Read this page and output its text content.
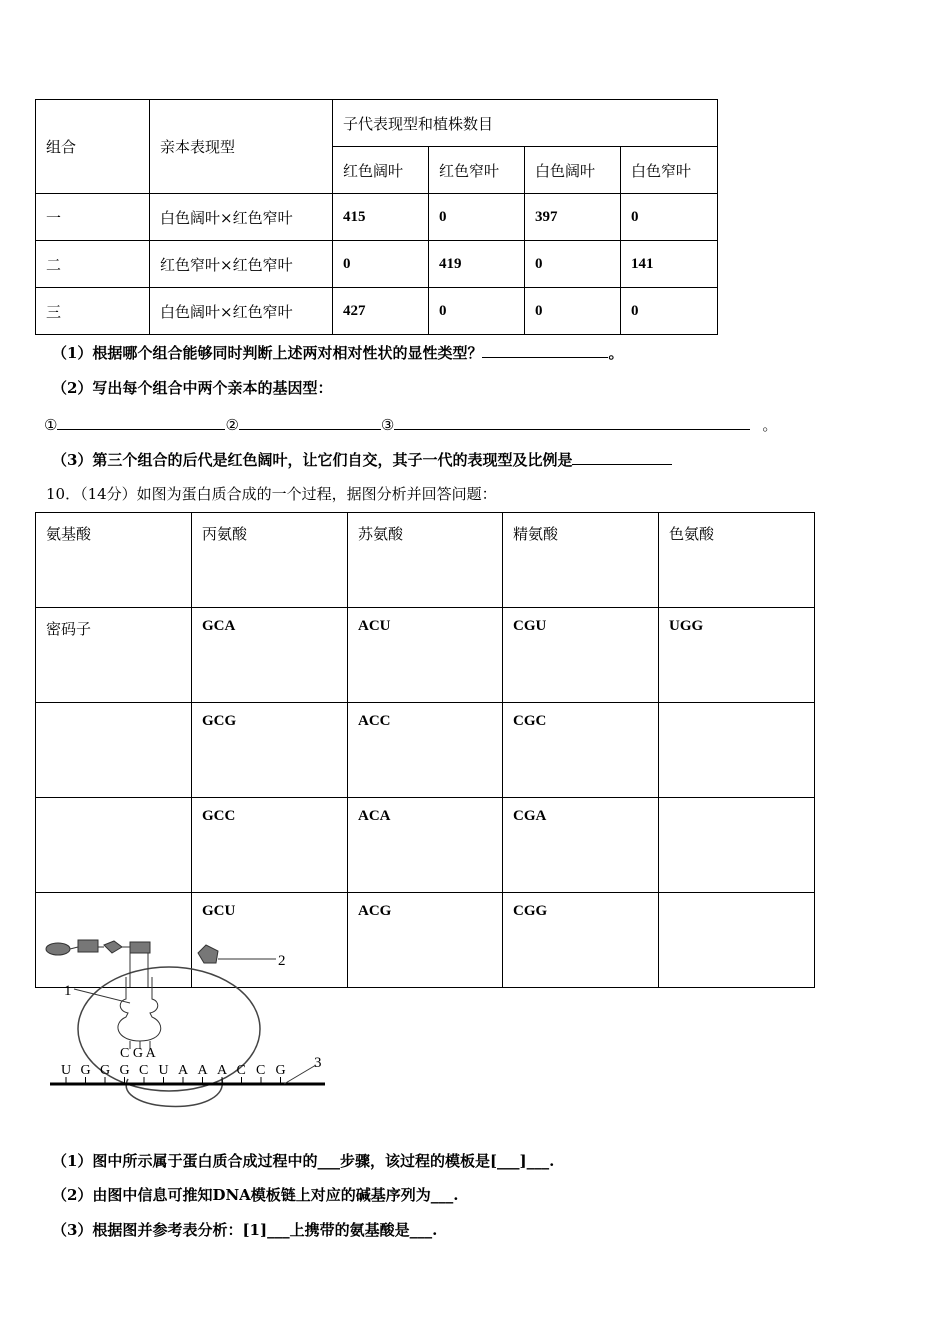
组合	亲本表现型	子代表现型和植株数目			
		红色阔叶	红色窄叶	白色阔叶	白色窄叶
一	白色阔叶×红色窄叶	415	0	397	0
二	红色窄叶×红色窄叶	0	419	0	141
三	白色阔叶×红色窄叶	427	0	0	0
（1）根据哪个组合能够同时判断上述两对相对性状的显性类型？	。
（2）写出每个组合中两个亲本的基因型：
①	②	③	。
（3）第三个组合的后代是红色阔叶，让它们自交，其子一代的表现型及比例是
10．（14分）如图为蛋白质合成的一个过程，据图分析并回答问题：
氨基酸	丙氨酸	苏氨酸	精氨酸	色氨酸
密码子	GCA	ACU	CGU	UGG
	GCG	ACC	CGC	
	GCC	ACA	CGA	
	GCU	ACG	CGG	
2
C G A
1
U G G G C U A A A C C G 3
（1）图中所示属于蛋白质合成过程中的___步骤，该过程的模板是[___]___.
（2）由图中信息可推知DNA模板链上对应的碱基序列为___.
（3）根据图并参考表分析：[1]___上携带的氨基酸是___.
